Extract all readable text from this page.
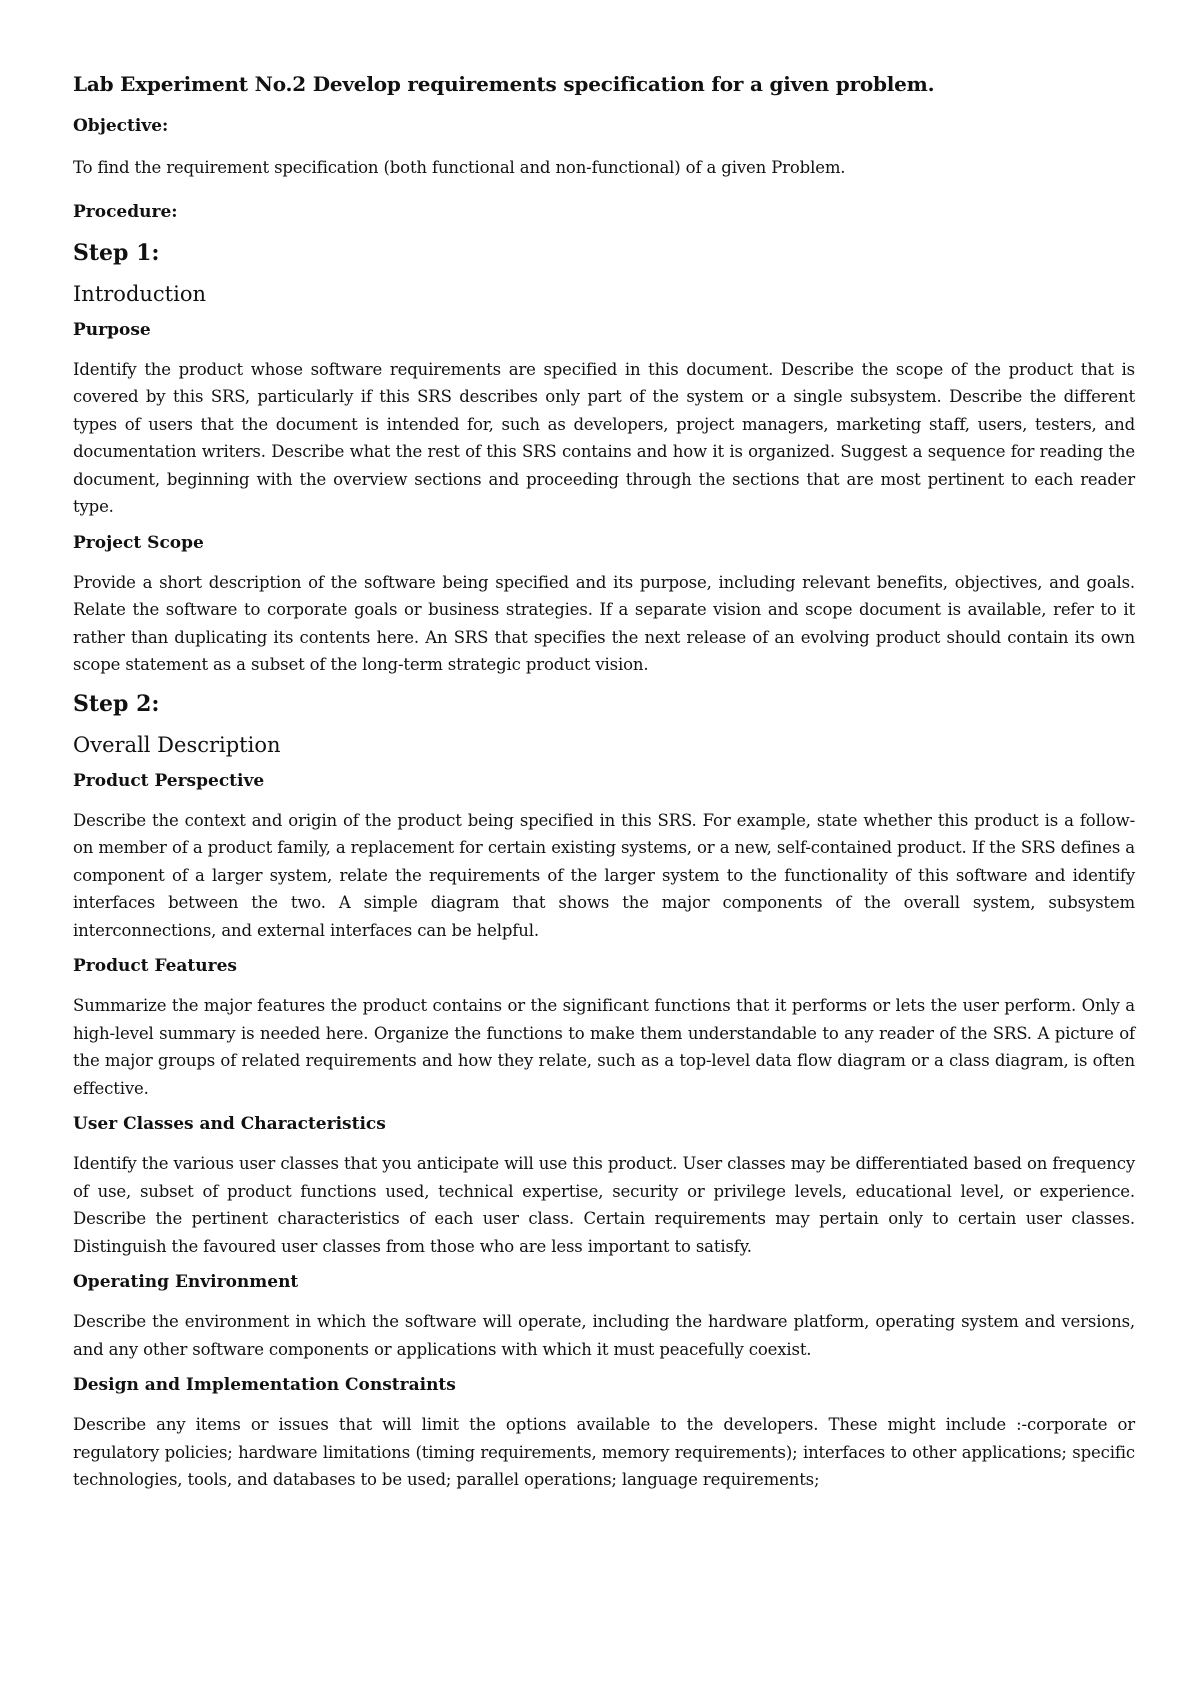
Lab Experiment No.2 Develop requirements specification for a given problem.

Objective:

To find the requirement specification (both functional and non-functional) of a given Problem.

Procedure:

Step 1:

Introduction

Purpose

Identify the product whose software requirements are specified in this document. Describe the scope of the product that is covered by this SRS, particularly if this SRS describes only part of the system or a single subsystem. Describe the different types of users that the document is intended for, such as developers, project managers, marketing staff, users, testers, and documentation writers. Describe what the rest of this SRS contains and how it is organized. Suggest a sequence for reading the document, beginning with the overview sections and proceeding through the sections that are most pertinent to each reader type.

Project Scope

Provide a short description of the software being specified and its purpose, including relevant benefits, objectives, and goals. Relate the software to corporate goals or business strategies. If a separate vision and scope document is available, refer to it rather than duplicating its contents here. An SRS that specifies the next release of an evolving product should contain its own scope statement as a subset of the long-term strategic product vision.

Step 2:

Overall Description

Product Perspective

Describe the context and origin of the product being specified in this SRS. For example, state whether this product is a follow-on member of a product family, a replacement for certain existing systems, or a new, self-contained product. If the SRS defines a component of a larger system, relate the requirements of the larger system to the functionality of this software and identify interfaces between the two. A simple diagram that shows the major components of the overall system, subsystem interconnections, and external interfaces can be helpful.

Product Features

Summarize the major features the product contains or the significant functions that it performs or lets the user perform. Only a high-level summary is needed here. Organize the functions to make them understandable to any reader of the SRS. A picture of the major groups of related requirements and how they relate, such as a top-level data flow diagram or a class diagram, is often effective.

User Classes and Characteristics

Identify the various user classes that you anticipate will use this product. User classes may be differentiated based on frequency of use, subset of product functions used, technical expertise, security or privilege levels, educational level, or experience. Describe the pertinent characteristics of each user class. Certain requirements may pertain only to certain user classes. Distinguish the favoured user classes from those who are less important to satisfy.

Operating Environment

Describe the environment in which the software will operate, including the hardware platform, operating system and versions, and any other software components or applications with which it must peacefully coexist.

Design and Implementation Constraints

Describe any items or issues that will limit the options available to the developers. These might include :-corporate or regulatory policies; hardware limitations (timing requirements, memory requirements); interfaces to other applications; specific technologies, tools, and databases to be used; parallel operations; language requirements;
